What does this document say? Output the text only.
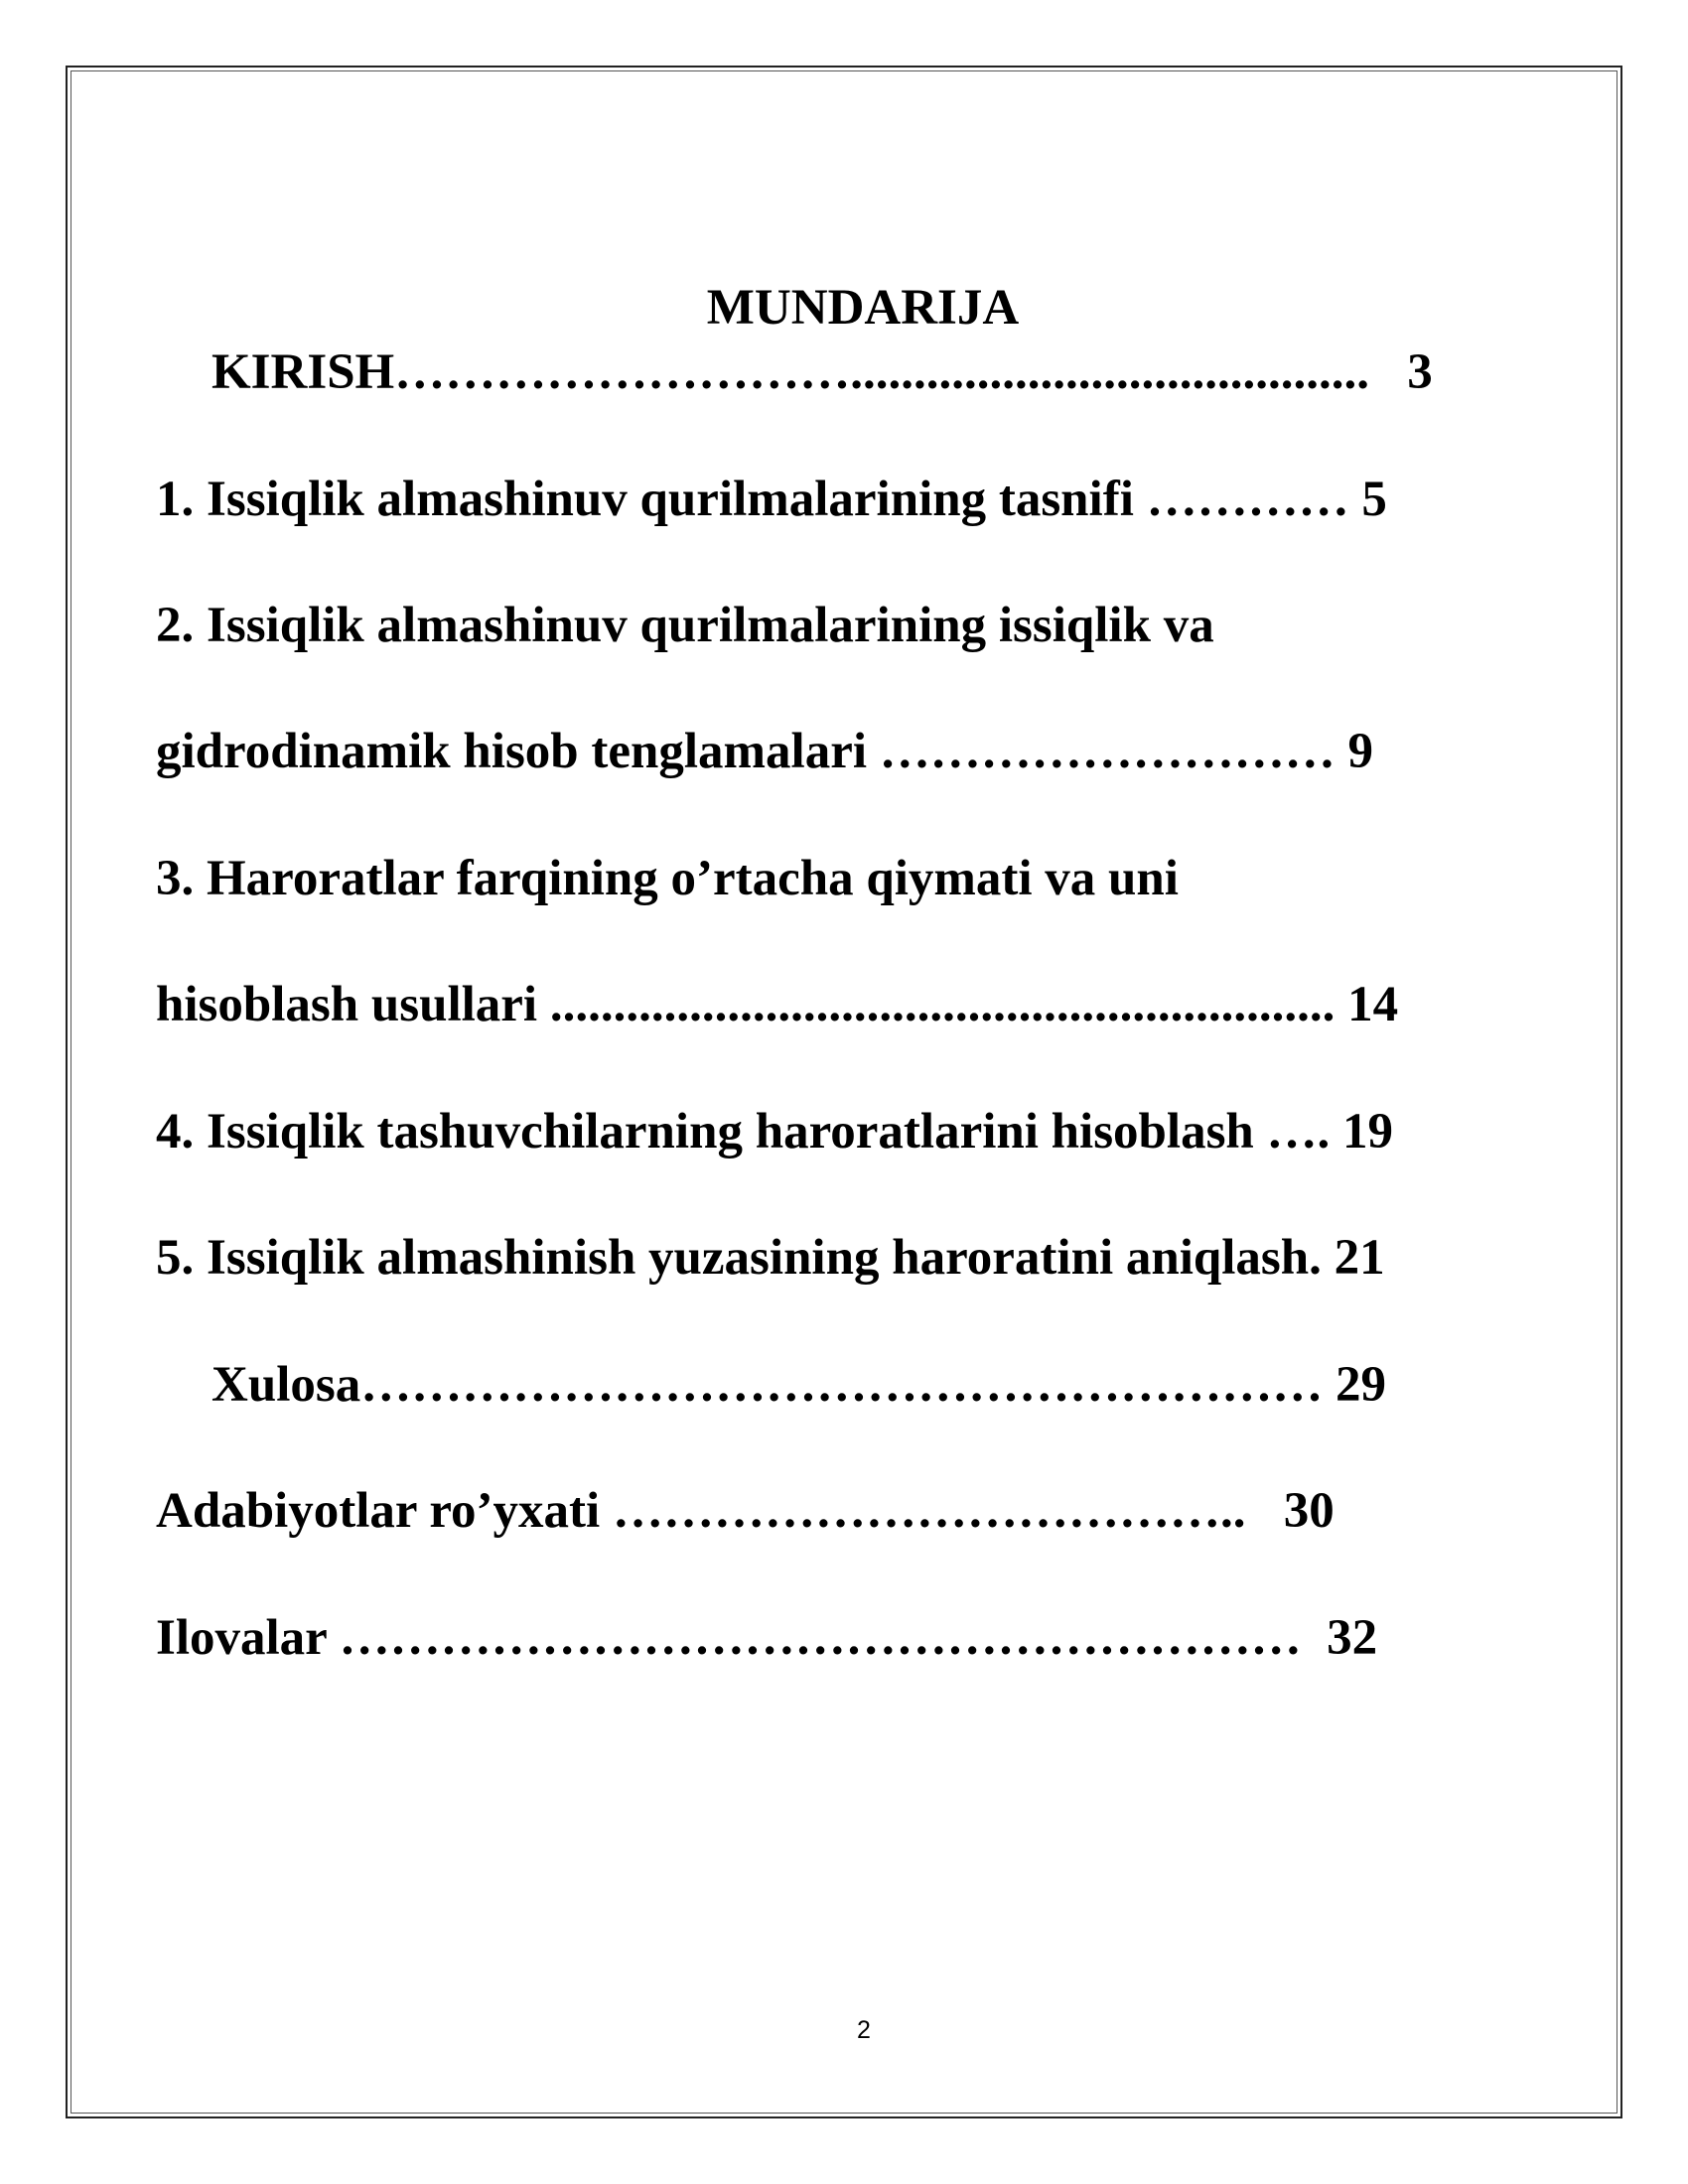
MUNDARIJA

KIRISH……………………….........................................   3

1. Issiqlik almashinuv qurilmalarining tasnifi ………… 5

2. Issiqlik almashinuv qurilmalarining issiqlik va

gidrodinamik hisob tenglamalari ……………………… 9

3. Haroratlar farqining o’rtacha qiymati va uni

hisoblash usullari .............................................................. 14

4. Issiqlik tashuvchilarning haroratlarini hisoblash …. 19

5. Issiqlik almashinish yuzasining haroratini aniqlash. 21

Xulosa………………………………………………… 29

Adabiyotlar ro’yxati ………………………………..   30

Ilovalar …………………………………………………  32

2
